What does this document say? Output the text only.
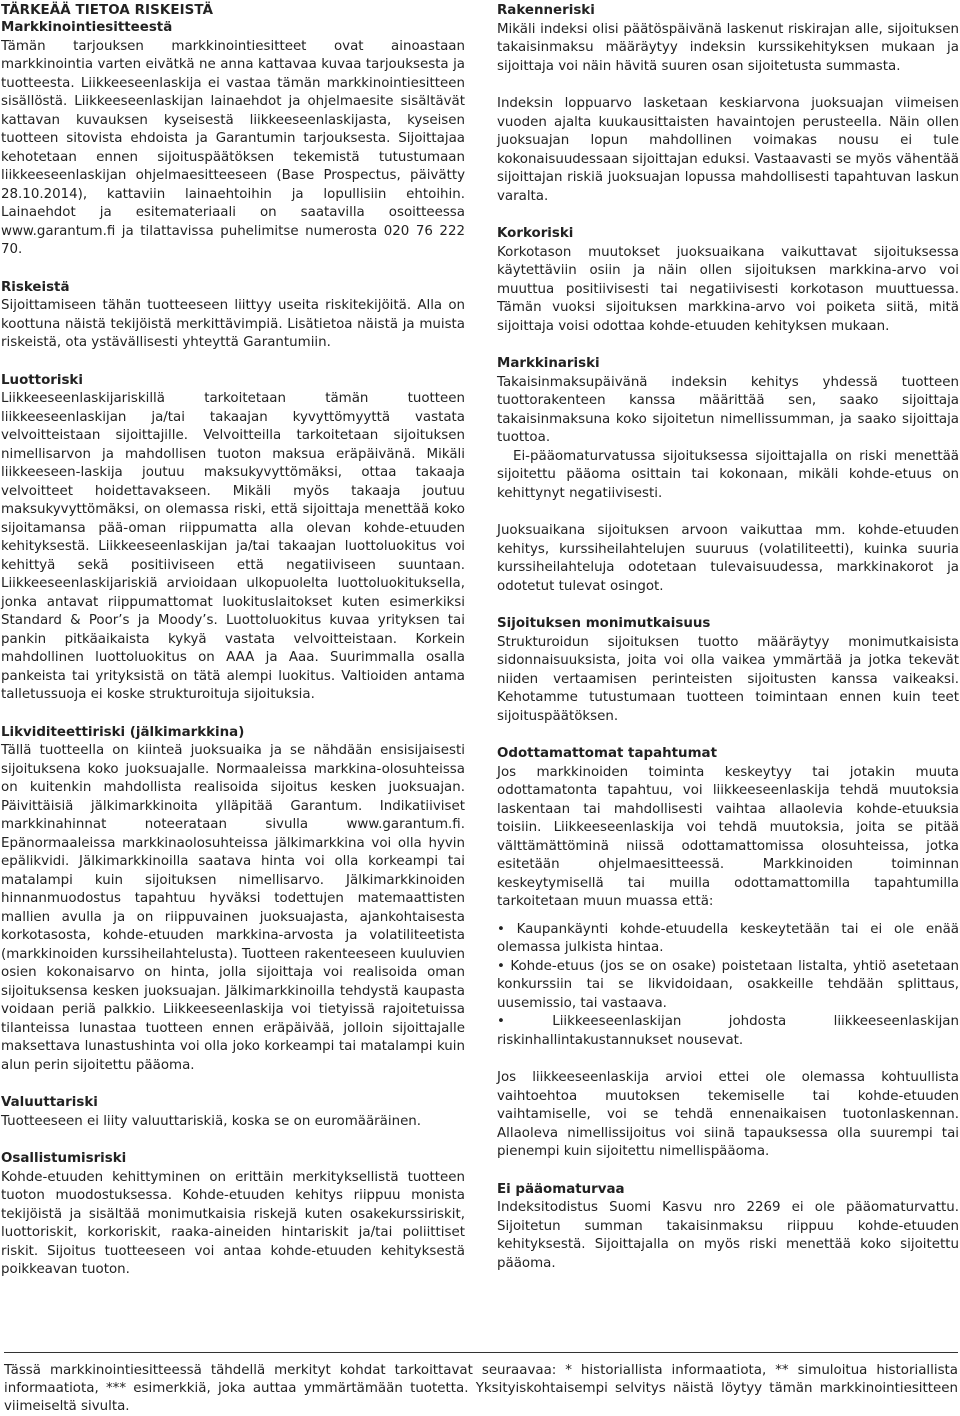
TÄRKEÄÄ TIETOA RISKEISTÄ

Markkinointiesitteestä

Tämän tarjouksen markkinointiesitteet ovat ainoastaan markkinointia varten eivätkä ne anna kattavaa kuvaa tarjouksesta ja tuotteesta. Liikkeeseenlaskija ei vastaa tämän markkinointiesitteen sisällöstä. Liikkeeseenlaskijan lainaehdot ja ohjelmaesite sisältävät kattavan kuvauksen kyseisestä liikkeeseenlaskijasta, kyseisen tuotteen sitovista ehdoista ja Garantumin tarjouksesta. Sijoittajaa kehotetaan ennen sijoituspäätöksen tekemistä tutustumaan liikkeeseenlaskijan ohjelmaesitteeseen (Base Prospectus, päivätty 28.10.2014), kattaviin lainaehtoihin ja lopullisiin ehtoihin. Lainaehdot ja esitemateriaali on saatavilla osoitteessa www.garantum.fi ja tilattavissa puhelimitse numerosta 020 76 222 70.

Riskeistä

Sijoittamiseen tähän tuotteeseen liittyy useita riskitekijöitä. Alla on koottuna näistä tekijöistä merkittävimpiä. Lisätietoa näistä ja muista riskeistä, ota ystävällisesti yhteyttä Garantumiin.

Luottoriski

Liikkeeseenlaskijariskillä tarkoitetaan tämän tuotteen liikkeeseenlaskijan ja/tai takaajan kyvyttömyyttä vastata velvoitteistaan sijoittajille. Velvoitteilla tarkoitetaan sijoituksen nimellisarvon ja mahdollisen tuoton maksua eräpäivänä. Mikäli liikkeeseen-laskija joutuu maksukyvyttömäksi, ottaa takaaja velvoitteet hoidettavakseen. Mikäli myös takaaja joutuu maksukyvyttömäksi, on olemassa riski, että sijoittaja menettää koko sijoitamansa pää-oman riippumatta alla olevan kohde-etuuden kehityksestä. Liikkeeseenlaskijan ja/tai takaajan luottoluokitus voi kehittyä sekä positiiviseen että negatiiviseen suuntaan. Liikkeeseenlaskijariskiä arvioidaan ulkopuolelta luottoluokituksella, jonka antavat riippumattomat luokituslaitokset kuten esimerkiksi Standard & Poor’s ja Moody’s. Luottoluokitus kuvaa yrityksen tai pankin pitkäaikaista kykyä vastata velvoitteistaan. Korkein mahdollinen luottoluokitus on AAA ja Aaa. Suurimmalla osalla pankeista tai yrityksistä on tätä alempi luokitus. Valtioiden antama talletussuoja ei koske strukturoituja sijoituksia.

Likviditeettiriski (jälkimarkkina)

Tällä tuotteella on kiinteä juoksuaika ja se nähdään ensisijaisesti sijoituksena koko juoksuajalle. Normaaleissa markkina-olosuhteissa on kuitenkin mahdollista realisoida sijoitus kesken juoksuajan. Päivittäisiä jälkimarkkinoita ylläpitää Garantum. Indikatiiviset markkinahinnat noteerataan sivulla www.garantum.fi. Epänormaaleissa markkinaolosuhteissa jälkimarkkina voi olla hyvin epälikvidi. Jälkimarkkinoilla saatava hinta voi olla korkeampi tai matalampi kuin sijoituksen nimellisarvo. Jälkimarkkinoiden hinnanmuodostus tapahtuu hyväksi todettujen matemaattisten mallien avulla ja on riippuvainen juoksuajasta, ajankohtaisesta korkotasosta, kohde-etuuden markkina-arvosta ja volatiliteetista (markkinoiden kurssiheilahtelusta). Tuotteen rakenteeseen kuuluvien osien kokonaisarvo on hinta, jolla sijoittaja voi realisoida oman sijoituksensa kesken juoksuajan. Jälkimarkkinoilla tehdystä kaupasta voidaan periä palkkio. Liikkeeseenlaskija voi tietyissä rajoitetuissa tilanteissa lunastaa tuotteen ennen eräpäivää, jolloin sijoittajalle maksettava lunastushinta voi olla joko korkeampi tai matalampi kuin alun perin sijoitettu pääoma.

Valuuttariski

Tuotteeseen ei liity valuuttariskiä, koska se on euromääräinen.

Osallistumisriski

Kohde-etuuden kehittyminen on erittäin merkityksellistä tuotteen tuoton muodostuksessa. Kohde-etuuden kehitys riippuu monista tekijöistä ja sisältää monimutkaisia riskejä kuten osakekurssiriskit, luottoriskit, korkoriskit, raaka-aineiden hintariskit ja/tai poliittiset riskit. Sijoitus tuotteeseen voi antaa kohde-etuuden kehityksestä poikkeavan tuoton.

Rakenneriski

Mikäli indeksi olisi päätöspäivänä laskenut riskirajan alle, sijoituksen takaisinmaksu määräytyy indeksin kurssikehityksen mukaan ja sijoittaja voi näin hävitä suuren osan sijoitetusta summasta.

Indeksin loppuarvo lasketaan keskiarvona juoksuajan viimeisen vuoden ajalta kuukausittaisten havaintojen perusteella. Näin ollen juoksuajan lopun mahdollinen voimakas nousu ei tule kokonaisuudessaan sijoittajan eduksi. Vastaavasti se myös vähentää sijoittajan riskiä juoksuajan lopussa mahdollisesti tapahtuvan laskun varalta.

Korkoriski

Korkotason muutokset juoksuaikana vaikuttavat sijoituksessa käytettäviin osiin ja näin ollen sijoituksen markkina-arvo voi muuttua positiivisesti tai negatiivisesti korkotason muuttuessa. Tämän vuoksi sijoituksen markkina-arvo voi poiketa siitä, mitä sijoittaja voisi odottaa kohde-etuuden kehityksen mukaan.

Markkinariski

Takaisinmaksupäivänä indeksin kehitys yhdessä tuotteen tuottorakenteen kanssa määrittää sen, saako sijoittaja takaisinmaksuna koko sijoitetun nimellissumman, ja saako sijoittaja tuottoa.

Ei-pääomaturvatussa sijoituksessa sijoittajalla on riski menettää sijoitettu pääoma osittain tai kokonaan, mikäli kohde-etuus on kehittynyt negatiivisesti.

Juoksuaikana sijoituksen arvoon vaikuttaa mm. kohde-etuuden kehitys, kurssiheilahtelujen suuruus (volatiliteetti), kuinka suuria kurssiheilahteluja odotetaan tulevaisuudessa, markkinakorot ja odotetut tulevat osingot.

Sijoituksen monimutkaisuus

Strukturoidun sijoituksen tuotto määräytyy monimutkaisista sidonnaisuuksista, joita voi olla vaikea ymmärtää ja jotka tekevät niiden vertaamisen perinteisten sijoitusten kanssa vaikeaksi. Kehotamme tutustumaan tuotteen toimintaan ennen kuin teet sijoituspäätöksen.

Odottamattomat tapahtumat

Jos markkinoiden toiminta keskeytyy tai jotakin muuta odottamatonta tapahtuu, voi liikkeeseenlaskija tehdä muutoksia laskentaan tai mahdollisesti vaihtaa allaolevia kohde-etuuksia toisiin. Liikkeeseenlaskija voi tehdä muutoksia, joita se pitää välttämättöminä niissä odottamattomissa olosuhteissa, jotka esitetään ohjelmaesitteessä. Markkinoiden toiminnan keskeytymisellä tai muilla odottamattomilla tapahtumilla tarkoitetaan muun muassa että:

• Kaupankäynti kohde-etuudella keskeytetään tai ei ole enää olemassa julkista hintaa.

• Kohde-etuus (jos se on osake) poistetaan listalta, yhtiö asetetaan konkurssiin tai se likvidoidaan, osakkeille tehdään splittaus, uusemissio, tai vastaava.

• Liikkeeseenlaskijan johdosta liikkeeseenlaskijan riskinhallintakustannukset nousevat.

Jos liikkeeseenlaskija arvioi ettei ole olemassa kohtuullista vaihtoehtoa muutoksen tekemiselle tai kohde-etuuden vaihtamiselle, voi se tehdä ennenaikaisen tuotonlaskennan. Allaoleva nimellissijoitus voi siinä tapauksessa olla suurempi tai pienempi kuin sijoitettu nimellispääoma.

Ei pääomaturvaa

Indeksitodistus Suomi Kasvu nro 2269 ei ole pääomaturvattu. Sijoitetun summan takaisinmaksu riippuu kohde-etuuden kehityksestä. Sijoittajalla on myös riski menettää koko sijoitettu pääoma.

Tässä markkinointiesitteessä tähdellä merkityt kohdat tarkoittavat seuraavaa: * historiallista informaatiota, ** simuloitua historiallista informaatiota, *** esimerkkiä, joka auttaa ymmärtämään tuotetta. Yksityiskohtaisempi selvitys näistä löytyy tämän markkinointiesitteen viimeiseltä sivulta.
